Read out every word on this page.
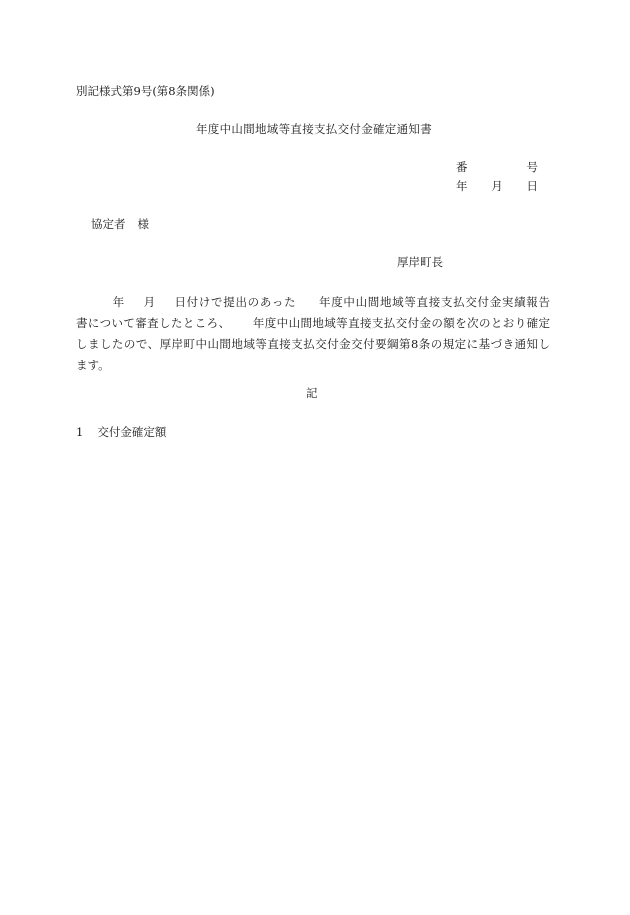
別記様式第9号(第8条関係)
年度中山間地域等直接支払交付金確定通知書
番	号
年 月 日
協定者 様
厚岸町長
年 月 日付けで提出のあった 年度中山間地域等直接支払交付金実績報告
書について審査したところ、 年度中山間地域等直接支払交付金の額を次のとおり確定
しましたので、厚岸町中山間地域等直接支払交付金交付要綱第8条の規定に基づき通知し
ます。
記
1 交付金確定額
